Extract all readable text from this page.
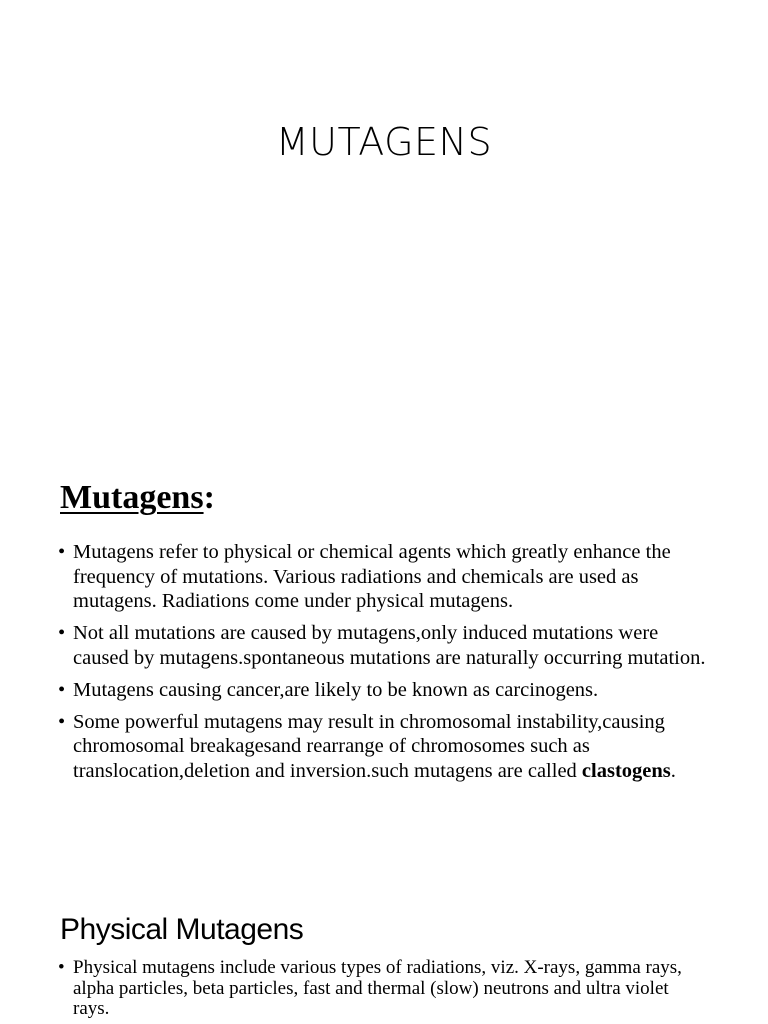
MUTAGENS
Mutagens:
• Mutagens refer to physical or chemical agents which greatly enhance the frequency of mutations. Various radiations and chemicals are used as mutagens. Radiations come under physical mutagens.
• Not all mutations are caused by mutagens,only induced mutations were caused by mutagens.spontaneous mutations are naturally occurring mutation.
• Mutagens causing cancer,are likely to be known as carcinogens.
• Some powerful mutagens may result in chromosomal instability,causing chromosomal breakagesand rearrange of chromosomes such as translocation,deletion and inversion.such mutagens are called clastogens.
Physical Mutagens
• Physical mutagens include various types of radiations, viz. X-rays, gamma rays, alpha particles, beta particles, fast and thermal (slow) neutrons and ultra violet rays.
